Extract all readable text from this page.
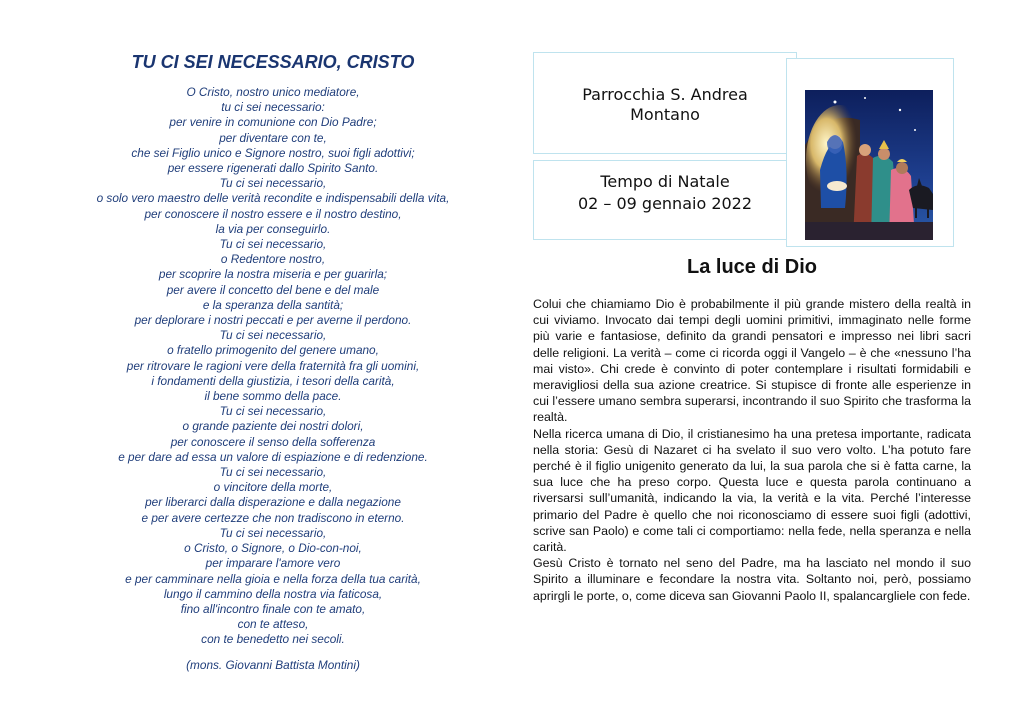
TU CI SEI NECESSARIO, CRISTO
O Cristo, nostro unico mediatore,
tu ci sei necessario:
per venire in comunione con Dio Padre;
per diventare con te,
che sei Figlio unico e Signore nostro, suoi figli adottivi;
per essere rigenerati dallo Spirito Santo.
Tu ci sei necessario,
o solo vero maestro delle verità recondite e indispensabili della vita,
per conoscere il nostro essere e il nostro destino,
la via per conseguirlo.
Tu ci sei necessario,
o Redentore nostro,
per scoprire la nostra miseria e per guarirla;
per avere il concetto del bene e del male
e la speranza della santità;
per deplorare i nostri peccati e per averne il perdono.
Tu ci sei necessario,
o fratello primogenito del genere umano,
per ritrovare le ragioni vere della fraternità fra gli uomini,
i fondamenti della giustizia, i tesori della carità,
il bene sommo della pace.
Tu ci sei necessario,
o grande paziente dei nostri dolori,
per conoscere il senso della sofferenza
e per dare ad essa un valore di espiazione e di redenzione.
Tu ci sei necessario,
o vincitore della morte,
per liberarci dalla disperazione e dalla negazione
e per avere certezze che non tradiscono in eterno.
Tu ci sei necessario,
o Cristo, o Signore, o Dio-con-noi,
per imparare l'amore vero
e per camminare nella gioia e nella forza della tua carità,
lungo il cammino della nostra via faticosa,
fino all'incontro finale con te amato,
con te atteso,
con te benedetto nei secoli.
(mons. Giovanni Battista Montini)
Parrocchia S. Andrea
Montano
Tempo di Natale
02 – 09 gennaio 2022
La luce di Dio

Colui che chiamiamo Dio è probabilmente il più grande mistero della realtà in cui viviamo. Invocato dai tempi degli uomini primitivi, immaginato nelle forme più varie e fantasiose, definito da grandi pensatori e impresso nei libri sacri delle religioni. La verità – come ci ricorda oggi il Vangelo – è che «nessuno l’ha mai visto». Chi crede è convinto di poter contemplare i risultati formidabili e meravigliosi della sua azione creatrice. Si stupisce di fronte alle esperienze in cui l’essere umano sembra superarsi, incontrando il suo Spirito che trasforma la realtà.

Nella ricerca umana di Dio, il cristianesimo ha una pretesa importante, radicata nella storia: Gesù di Nazaret ci ha svelato il suo vero volto. L’ha potuto fare perché è il figlio unigenito generato da lui, la sua parola che si è fatta carne, la sua luce che ha preso corpo. Questa luce e questa parola continuano a riversarsi sull’umanità, indicando la via, la verità e la vita. Perché l’interesse primario del Padre è quello che noi riconosciamo di essere suoi figli (adottivi, scrive san Paolo) e come tali ci comportiamo: nella fede, nella speranza e nella carità.

Gesù Cristo è tornato nel seno del Padre, ma ha lasciato nel mondo il suo Spirito a illuminare e fecondare la nostra vita. Soltanto noi, però, possiamo aprirgli le porte, o, come diceva san Giovanni Paolo II, spalancargliele con fede.
